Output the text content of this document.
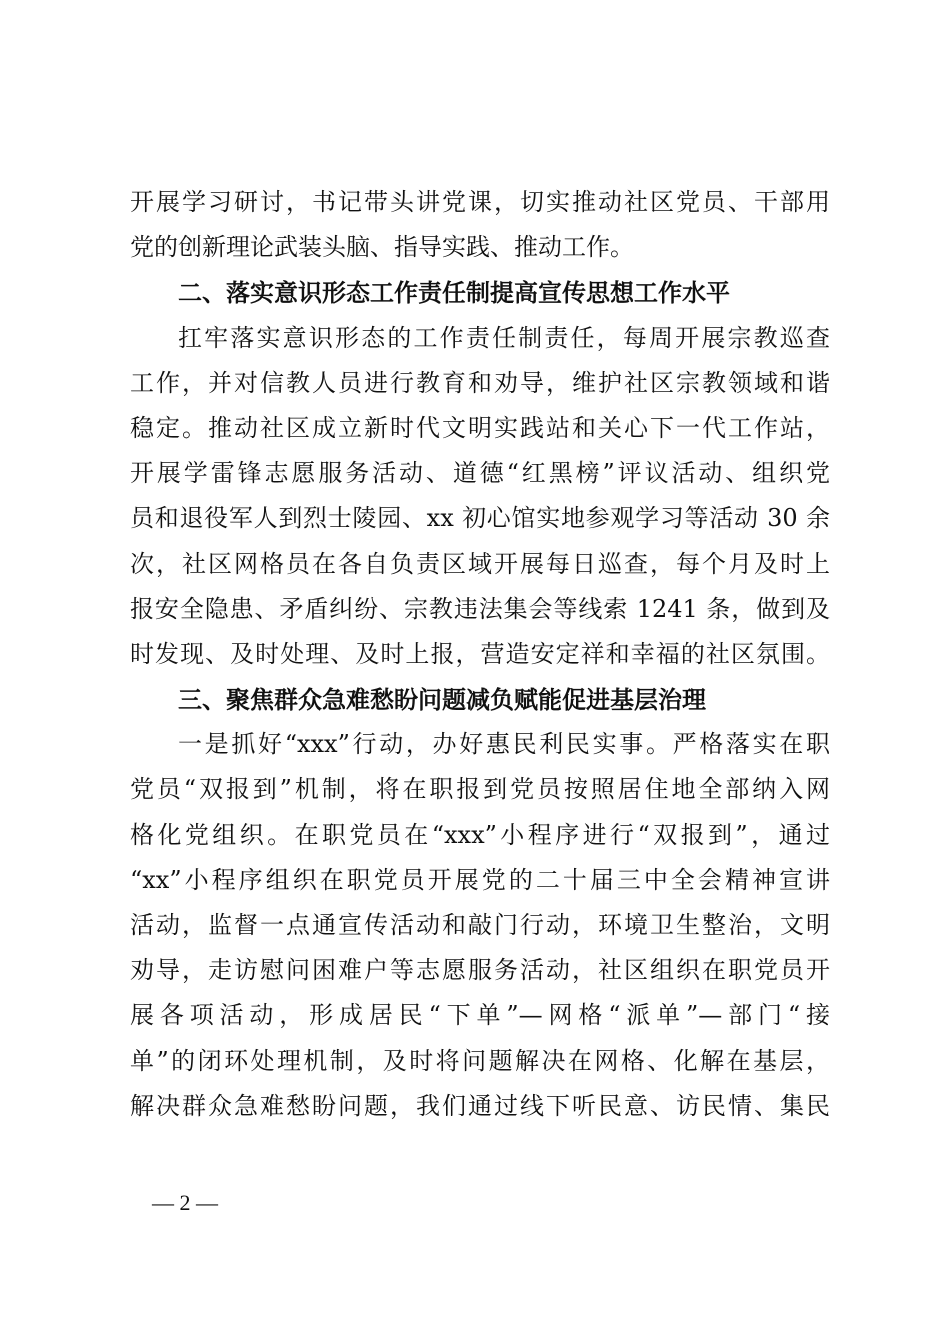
开展学习研讨，书记带头讲党课，切实推动社区党员、干部用
党的创新理论武装头脑、指导实践、推动工作。
二、落实意识形态工作责任制提高宣传思想工作水平
扛牢落实意识形态的工作责任制责任，每周开展宗教巡查
工作，并对信教人员进行教育和劝导，维护社区宗教领域和谐
稳定。推动社区成立新时代文明实践站和关心下一代工作站，
开展学雷锋志愿服务活动、道德“红黑榜”评议活动、组织党
员和退役军人到烈士陵园、xx 初心馆实地参观学习等活动 30 余
次，社区网格员在各自负责区域开展每日巡查，每个月及时上
报安全隐患、矛盾纠纷、宗教违法集会等线索 1241 条，做到及
时发现、及时处理、及时上报，营造安定祥和幸福的社区氛围。
三、聚焦群众急难愁盼问题减负赋能促进基层治理
一是抓好“xxx”行动，办好惠民利民实事。严格落实在职
党员“双报到”机制，将在职报到党员按照居住地全部纳入网
格化党组织。在职党员在“xxx”小程序进行“双报到”，通过
“xx”小程序组织在职党员开展党的二十届三中全会精神宣讲
活动，监督一点通宣传活动和敲门行动，环境卫生整治，文明
劝导，走访慰问困难户等志愿服务活动，社区组织在职党员开
展各项活动，形成居民“下单”—网格“派单”—部门“接
单”的闭环处理机制，及时将问题解决在网格、化解在基层，
解决群众急难愁盼问题，我们通过线下听民意、访民情、集民
— 2 —
